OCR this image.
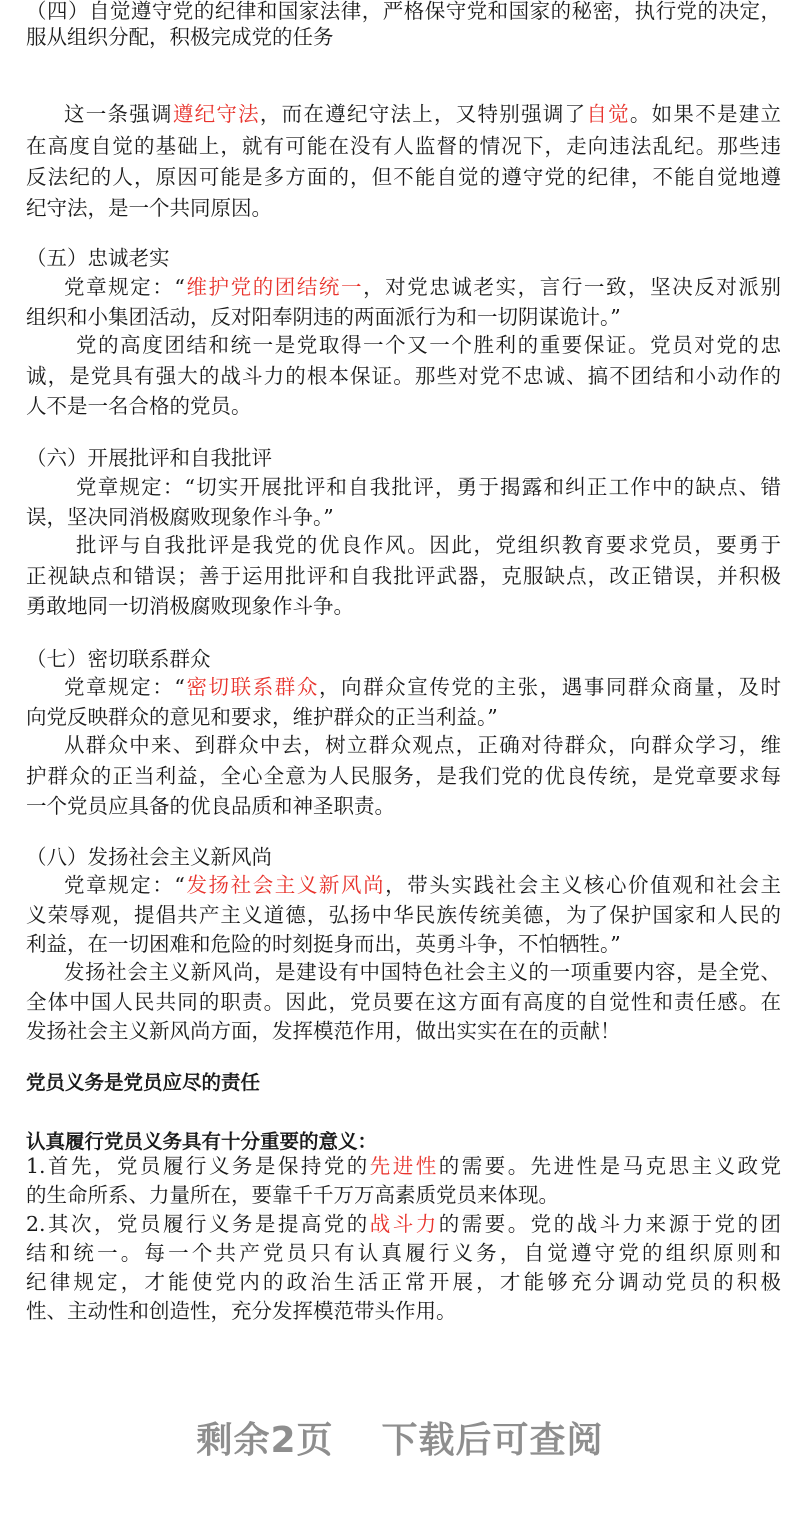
（四）自觉遵守党的纪律和国家法律，严格保守党和国家的秘密，执行党的决定，
服从组织分配，积极完成党的任务
这一条强调遵纪守法，而在遵纪守法上，又特别强调了自觉。如果不是建立
在高度自觉的基础上，就有可能在没有人监督的情况下，走向违法乱纪。那些违
反法纪的人，原因可能是多方面的，但不能自觉的遵守党的纪律，不能自觉地遵
纪守法，是一个共同原因。
（五）忠诚老实
党章规定：“维护党的团结统一，对党忠诚老实，言行一致，坚决反对派别
组织和小集团活动，反对阳奉阴违的两面派行为和一切阴谋诡计。”
党的高度团结和统一是党取得一个又一个胜利的重要保证。党员对党的忠
诚，是党具有强大的战斗力的根本保证。那些对党不忠诚、搞不团结和小动作的
人不是一名合格的党员。
（六）开展批评和自我批评
党章规定：“切实开展批评和自我批评，勇于揭露和纠正工作中的缺点、错
误，坚决同消极腐败现象作斗争。”
批评与自我批评是我党的优良作风。因此，党组织教育要求党员，要勇于
正视缺点和错误；善于运用批评和自我批评武器，克服缺点，改正错误，并积极
勇敢地同一切消极腐败现象作斗争。
（七）密切联系群众
党章规定：“密切联系群众，向群众宣传党的主张，遇事同群众商量，及时
向党反映群众的意见和要求，维护群众的正当利益。”
从群众中来、到群众中去，树立群众观点，正确对待群众，向群众学习，维
护群众的正当利益，全心全意为人民服务，是我们党的优良传统，是党章要求每
一个党员应具备的优良品质和神圣职责。
（八）发扬社会主义新风尚
党章规定：“发扬社会主义新风尚，带头实践社会主义核心价值观和社会主
义荣辱观，提倡共产主义道德，弘扬中华民族传统美德，为了保护国家和人民的
利益，在一切困难和危险的时刻挺身而出，英勇斗争，不怕牺牲。”
发扬社会主义新风尚，是建设有中国特色社会主义的一项重要内容，是全党、
全体中国人民共同的职责。因此，党员要在这方面有高度的自觉性和责任感。在
发扬社会主义新风尚方面，发挥模范作用，做出实实在在的贡献！
党员义务是党员应尽的责任
认真履行党员义务具有十分重要的意义：
1.首先，党员履行义务是保持党的先进性的需要。先进性是马克思主义政党
的生命所系、力量所在，要靠千千万万高素质党员来体现。
2.其次，党员履行义务是提高党的战斗力的需要。党的战斗力来源于党的团
结和统一。每一个共产党员只有认真履行义务，自觉遵守党的组织原则和
纪律规定，才能使党内的政治生活正常开展，才能够充分调动党员的积极
性、主动性和创造性，充分发挥模范带头作用。
剩余2页 下载后可查阅
